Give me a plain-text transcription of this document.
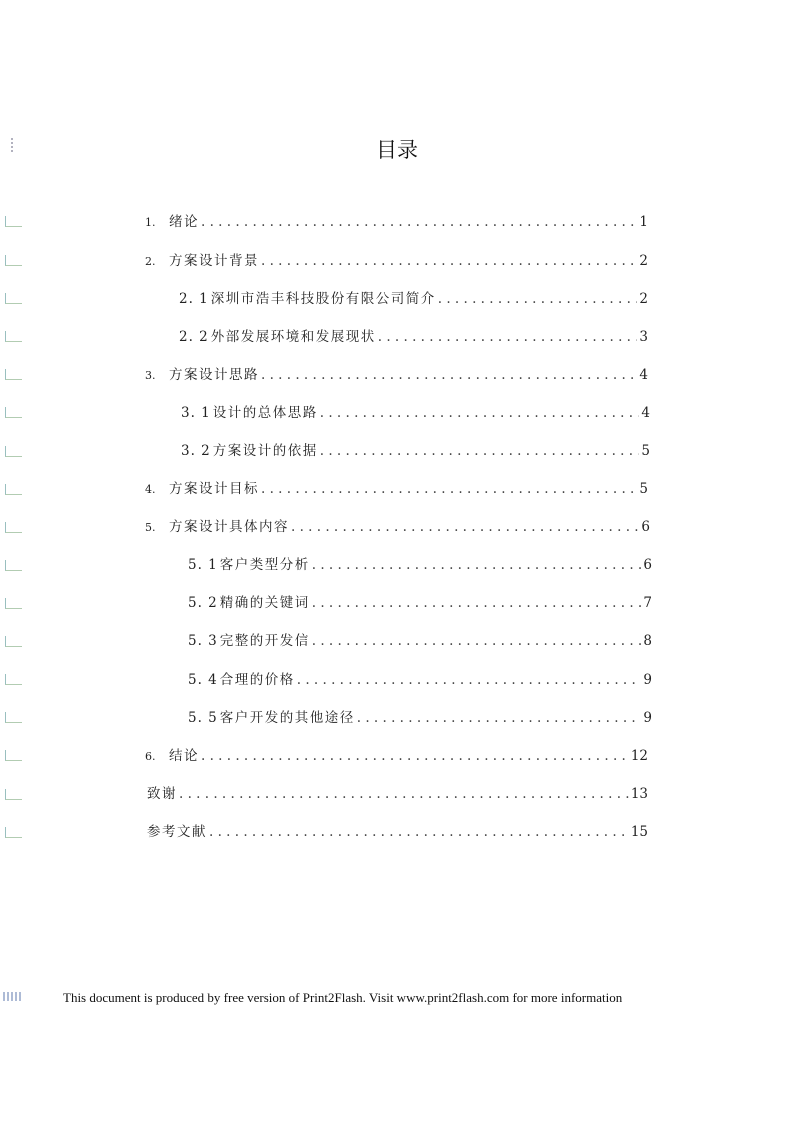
目录
1.	绪论 . . .	1
2.	方案设计背景 . . .	2
2. 1 深圳市浩丰科技股份有限公司简介 . . .	2
2. 2 外部发展环境和发展现状 . . .	3
3.	方案设计思路 . . .	4
3. 1 设计的总体思路 . . .	4
3. 2 方案设计的依据 . . .	5
4.	方案设计目标 . . .	5
5.	方案设计具体内容 . . .	6
5. 1 客户类型分析 . . .	6
5. 2 精确的关键词 . . .	7
5. 3 完整的开发信 . . .	8
5. 4 合理的价格 . . .	9
5. 5 客户开发的其他途径 . . .	9
6.	结论 . . .	12
致谢 . . .	13
参考文献 . . .	15
This document is produced by free version of Print2Flash. Visit www.print2flash.com for more information
